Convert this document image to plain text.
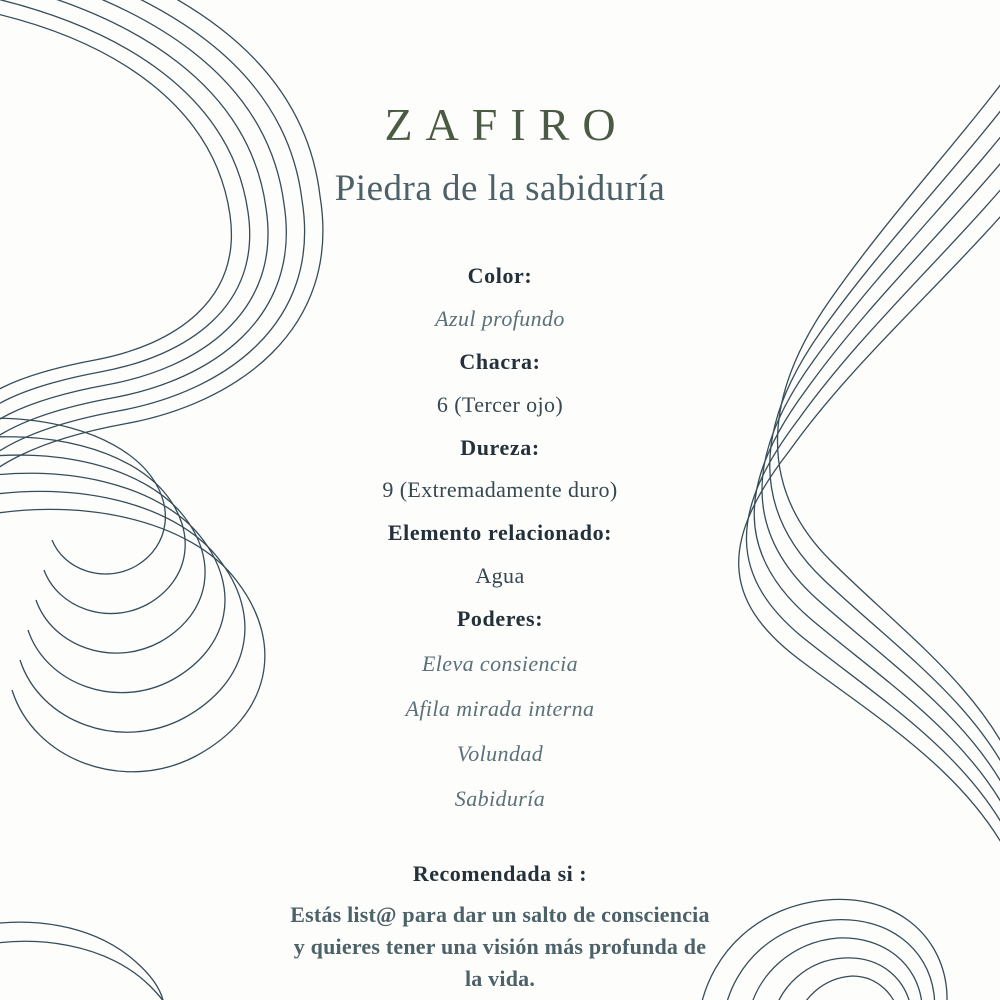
ZAFIRO
Piedra de la sabiduría
Color:
Azul profundo
Chacra:
6 (Tercer ojo)
Dureza:
9 (Extremadamente duro)
Elemento relacionado:
Agua
Poderes:
Eleva consiencia
Afila mirada interna
Volundad
Sabiduría
Recomendada si :
Estás list@ para dar un salto de consciencia y quieres tener una visión más profunda de la vida.
